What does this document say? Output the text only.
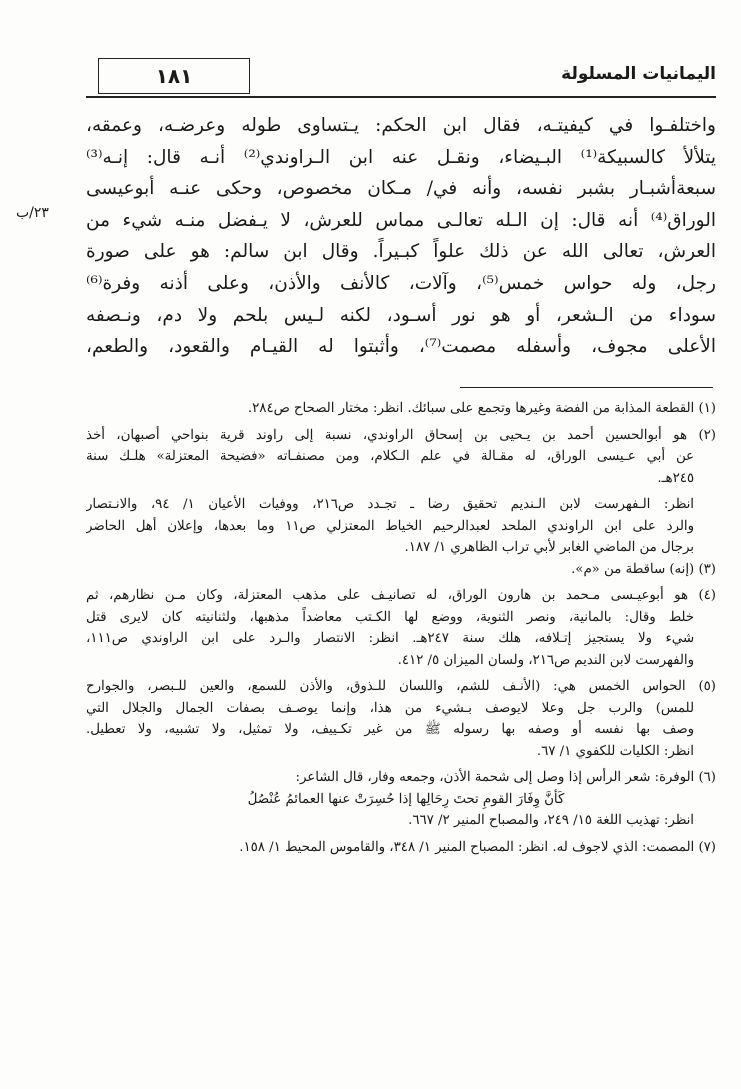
١٨١	اليمانيات المسلولة
٢٣/ب
واختلفـوا في كيفيتـه، فقال ابن الحكم: يـتساوى طوله وعرضـه، وعمقه،
يتلألأ كالسبيكة⁽¹⁾ البـيضاء، ونقـل عنه ابن الـراوندي⁽²⁾ أنـه قال: إنـه⁽³⁾
سبعةأشبـار بشبر نفسه، وأنه في/ مـكان مخصوص، وحكى عنـه أبوعيسى
الوراق⁽⁴⁾ أنه قال: إن الـله تعالـى مماس للعرش، لا يـفضل منـه شيء من
العرش، تعالى الله عن ذلك علواً كبـيراً. وقال ابن سالم: هو على صورة
رجل، وله حواس خمس⁽⁵⁾، وآلات، كالأنف والأذن، وعلى أذنه وفرة⁽⁶⁾
سوداء من الـشعر، أو هو نور أسـود، لكنه لـيس بلحم ولا دم، ونـصفه
الأعلى مجوف، وأسفله مصمت⁽⁷⁾، وأثبتوا له القيـام والقعود، والطعم،
(١) القطعة المذابة من الفضة وغيرها وتجمع على سبائك. انظر: مختار الصحاح ص٢٨٤.
(٢) هو أبوالحسين أحمد بن يـحيى بن إسحاق الراوندي، نسبة إلى راوند قرية بنواحي أصبهان، أخذ
عن أبي عـيسى الوراق، له مقـالة في علم الـكلام، ومن مصنفـاته «فضيحة المعتزلة» هلـك سنة
٢٤٥هـ.
انظر: الـفهرست لابن الـنديم تحقيق رضا ـ تجـدد ص٢١٦، ووفيات الأعيان ١/ ٩٤، والانـتصار
والرد على ابن الراوندي الملحد لعبدالرحيم الخياط المعتزلي ص١١ وما بعدها، وإعلان أهل الحاضر
برجال من الماضي الغابر لأبي تراب الظاهري ١/ ١٨٧.
(٣) (إنه) ساقطة من «م».
(٤) هو أبوعيـسى مـحمد بن هارون الوراق، له تصانيـف على مذهب المعتزلة، وكان مـن نظارهم، ثم
خلط وقال: بالمانية، ونصر الثنوية، ووضع لها الكـتب معاضداً مذهبها، ولثنانيته كان لايرى قتل
شيء ولا يستجيز إتـلافه، هلك سنة ٢٤٧هـ. انظر: الانتصار والـرد على ابن الراوندي ص١١١،
والفهرست لابن النديم ص٢١٦، ولسان الميزان ٥/ ٤١٢.
(٥) الحواس الخمس هي: (الأنـف للشم، واللسان للـذوق، والأذن للسمع، والعين للـبصر، والجوارح
للمس) والرب جل وعلا لايوصف بـشيء من هذا، وإنما يوصـف بصفات الجمال والجلال التي
وصف بها نفسه أو وصفه بها رسوله ﷺ من غير تكـييف، ولا تمثيل، ولا تشبيه، ولا تعطيل.
انظر: الكليات للكفوي ١/ ٦٧.
(٦) الوفرة: شعر الرأس إذا وصل إلى شحمة الأذن، وجمعه وفار، قال الشاعر:
كَأنَّ وِفَارَ القومِ تحتَ رِحَالِها إذا حُسِرَتْ عنها العمائمُ عُنْصُلُ
انظر: تهذيب اللغة ١٥/ ٢٤٩، والمصباح المنير ٢/ ٦٦٧.
(٧) المصمت: الذي لاجوف له. انظر: المصباح المنير ١/ ٣٤٨، والقاموس المحيط ١/ ١٥٨.
